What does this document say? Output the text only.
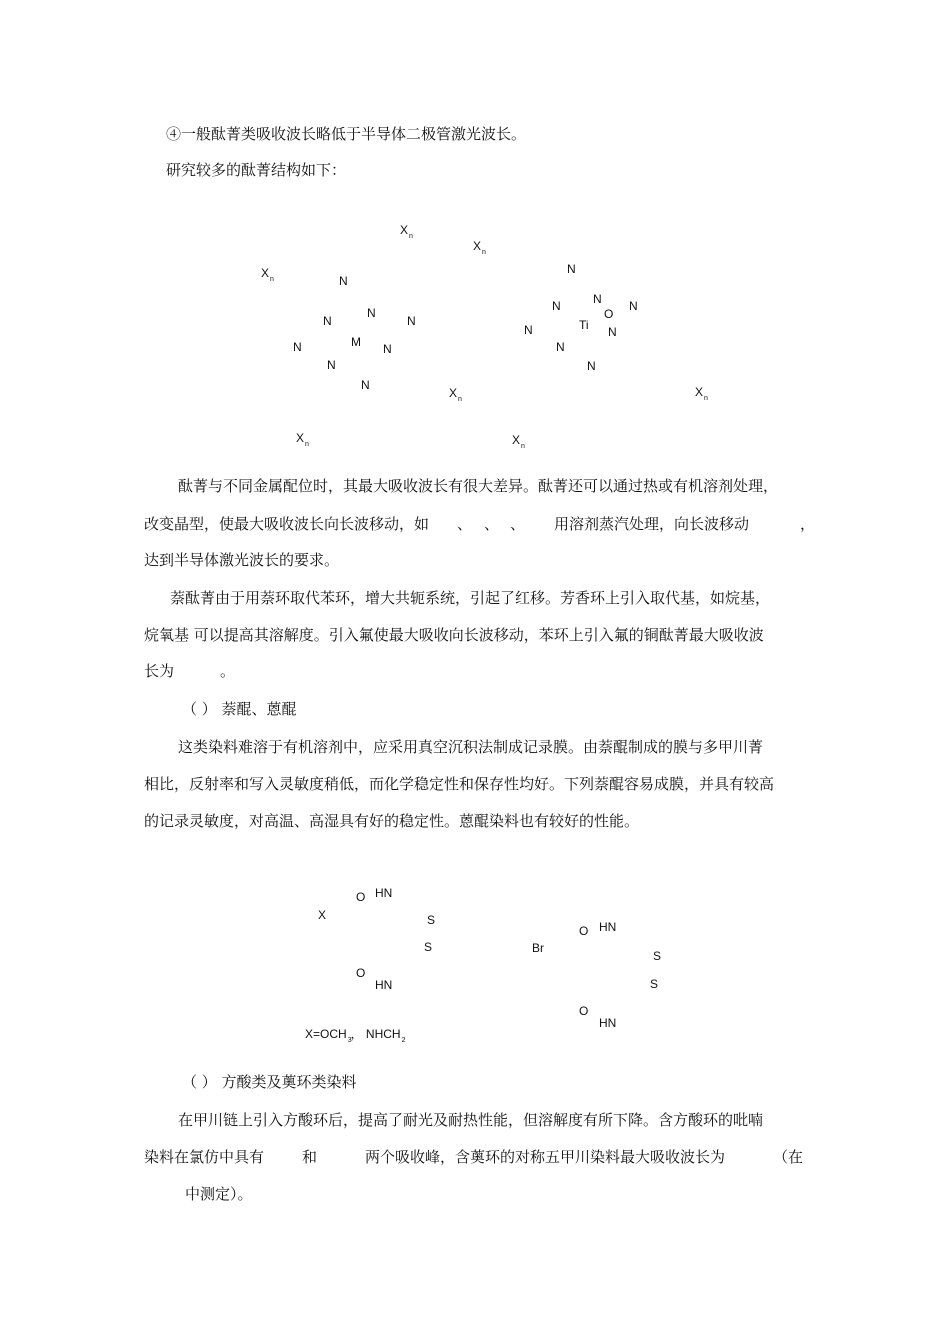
④一般酞菁类吸收波长略低于半导体二极管激光波长。
研究较多的酞菁结构如下：
$X_n$
$X_n$
$X_n$	N
N
N	N
M
N	N
N
N
N
N
N	N
O
Ti
N	N
N
N
$X_n$
$X_n$
$X_n$	$X_n$
酞菁与不同金属配位时，其最大吸收波长有很大差异。酞菁还可以通过热或有机溶剂处理，
改变晶型，使最大吸收波长向长波移动，如 、 、 、 用溶剂蒸汽处理，向长波移动	，
达到半导体激光波长的要求。
萘酞菁由于用萘环取代苯环，增大共轭系统，引起了红移。芳香环上引入取代基，如烷基，
烷氧基 可以提高其溶解度。引入氟使最大吸收向长波移动，苯环上引入氟的铜酞菁最大吸收波
长为	。
（ ） 萘醌、蒽醌
这类染料难溶于有机溶剂中，应采用真空沉积法制成记录膜。由萘醌制成的膜与多甲川菁
相比，反射率和写入灵敏度稍低，而化学稳定性和保存性均好。下列萘醌容易成膜，并具有较高
的记录灵敏度，对高温、高湿具有好的稳定性。蒽醌染料也有较好的性能。
O HN
X	S
S
O
HN
O HN
Br
S
S
O
HN
$X=OCH_3$， $NHCH_2$
（ ） 方酸类及薁环类染料
在甲川链上引入方酸环后，提高了耐光及耐热性能，但溶解度有所下降。含方酸环的吡喃
染料在氯仿中具有	和	两个吸收峰，含薁环的对称五甲川染料最大吸收波长为	（在
中测定）。
